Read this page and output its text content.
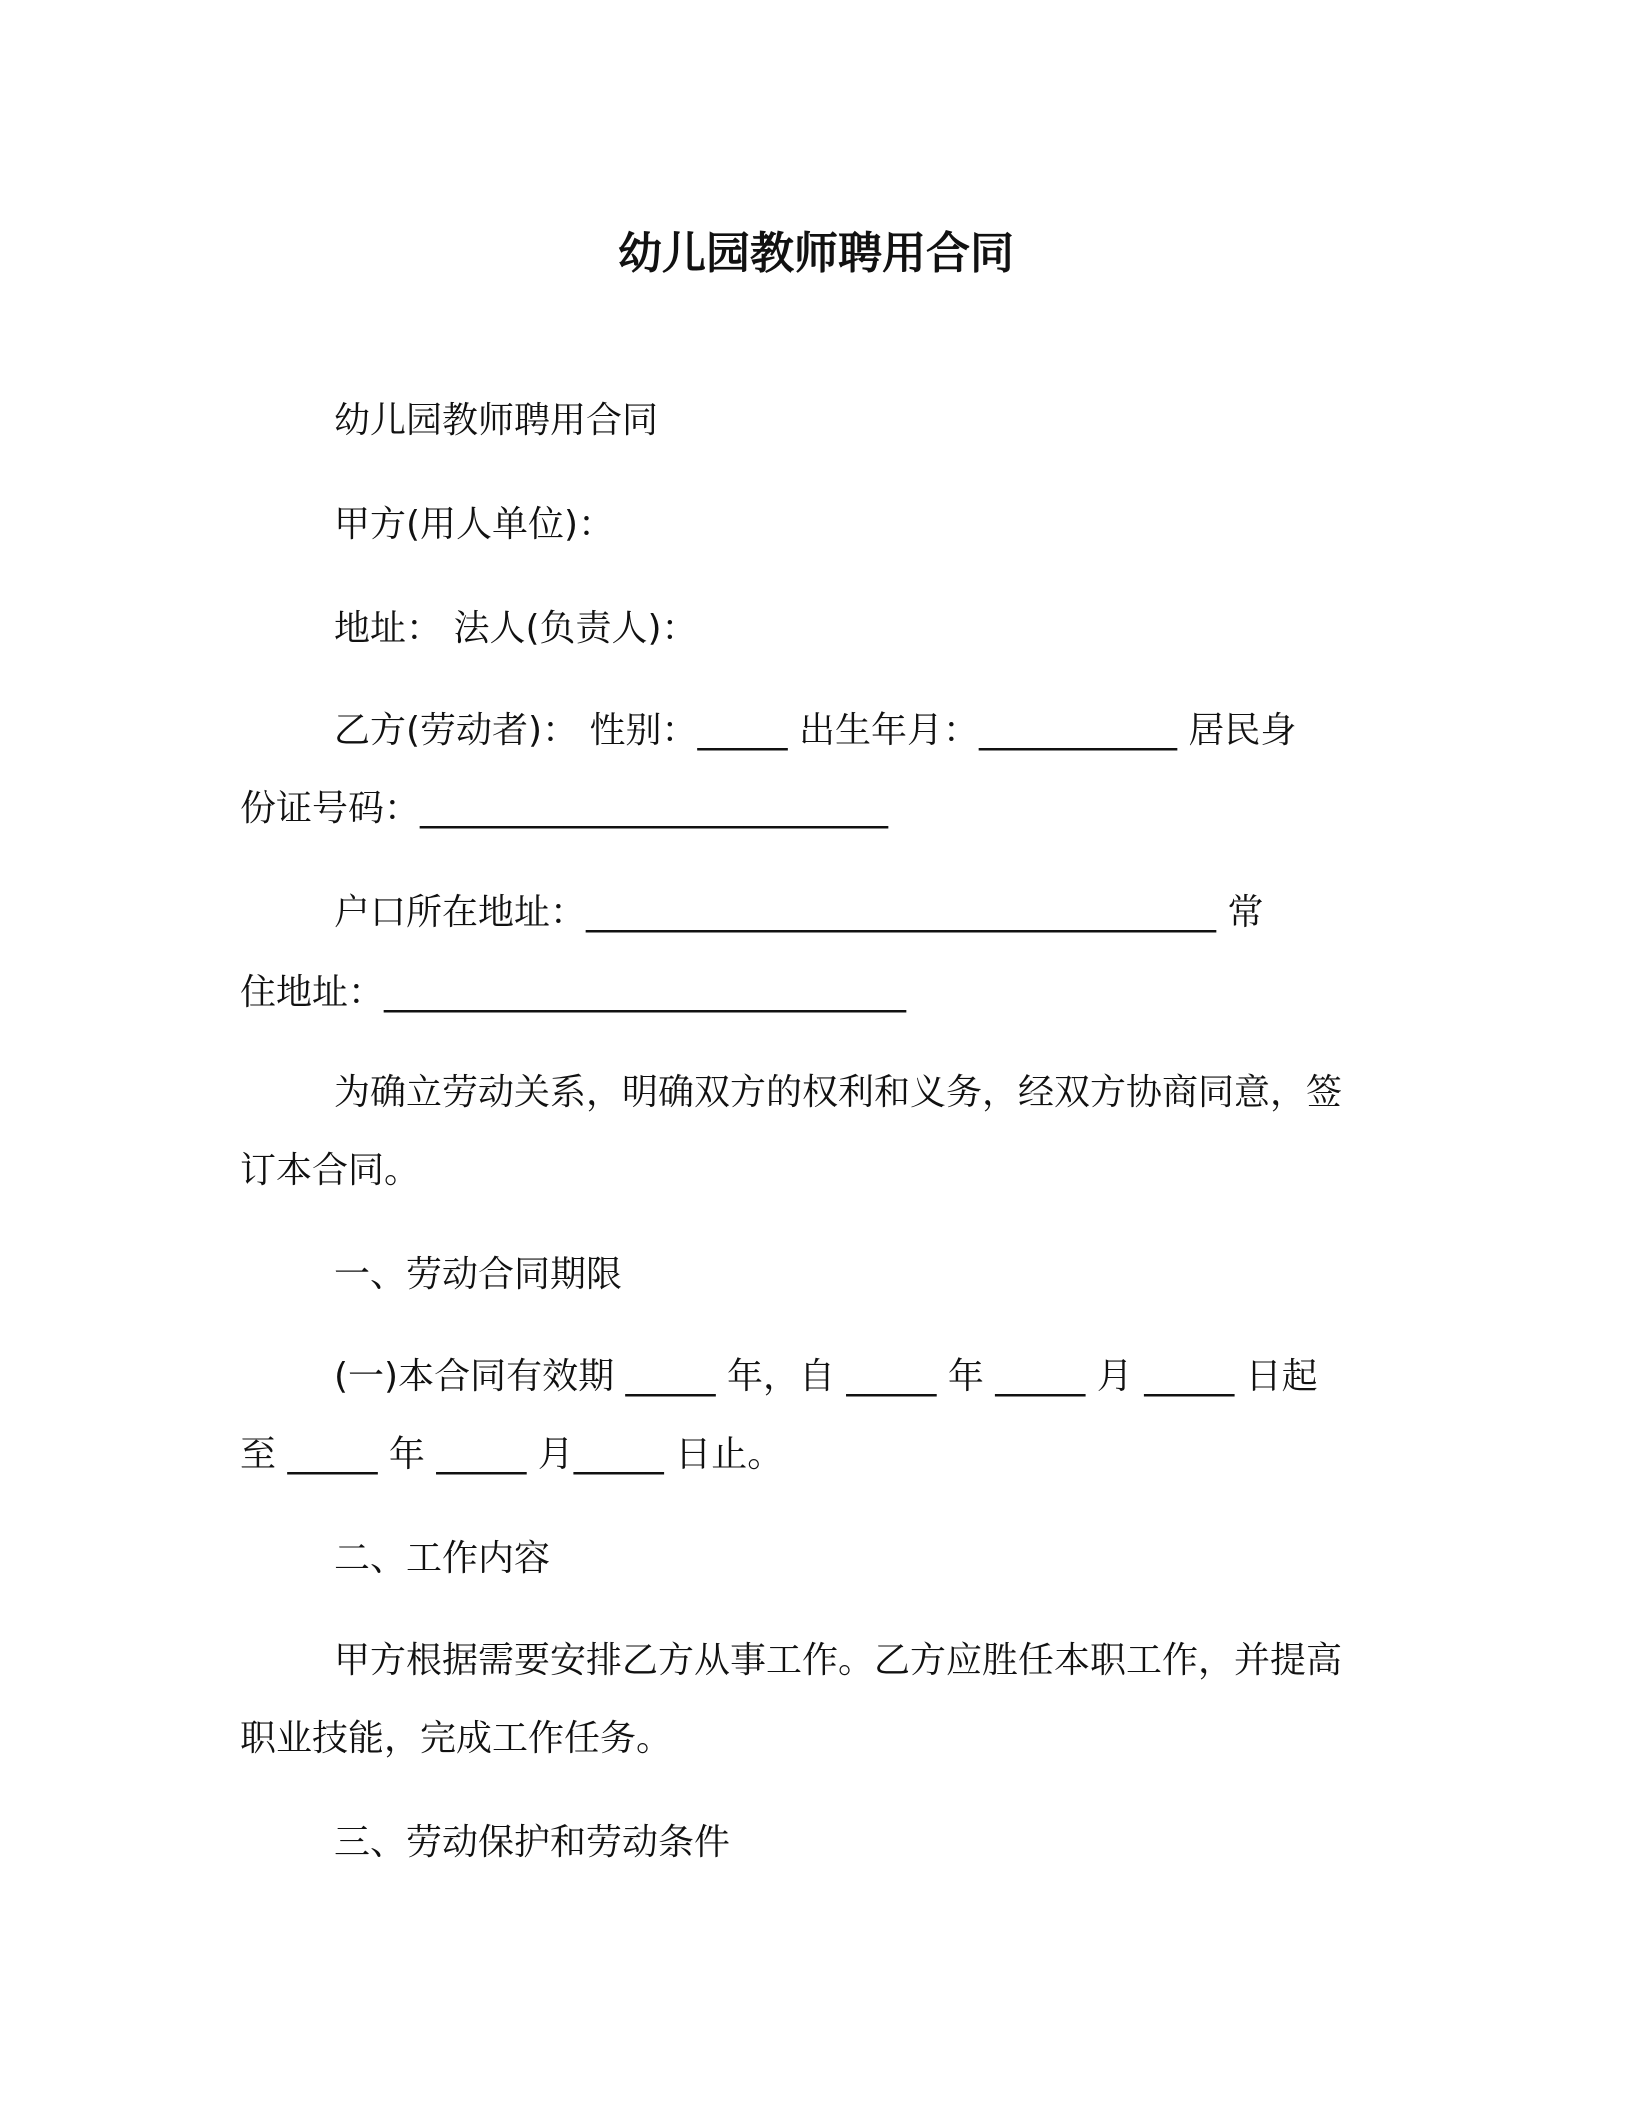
幼儿园教师聘用合同
幼儿园教师聘用合同
甲方(用人单位)：
地址： 法人(负责人)：
乙方(劳动者)： 性别：_____ 出生年月：___________ 居民身
份证号码：__________________________
户口所在地址：___________________________________ 常
住地址：_____________________________
为确立劳动关系，明确双方的权利和义务，经双方协商同意，签
订本合同。
一、劳动合同期限
(一)本合同有效期 _____ 年，自 _____ 年 _____ 月 _____ 日起
至 _____ 年 _____ 月_____ 日止。
二、工作内容
甲方根据需要安排乙方从事工作。乙方应胜任本职工作，并提高
职业技能，完成工作任务。
三、劳动保护和劳动条件
